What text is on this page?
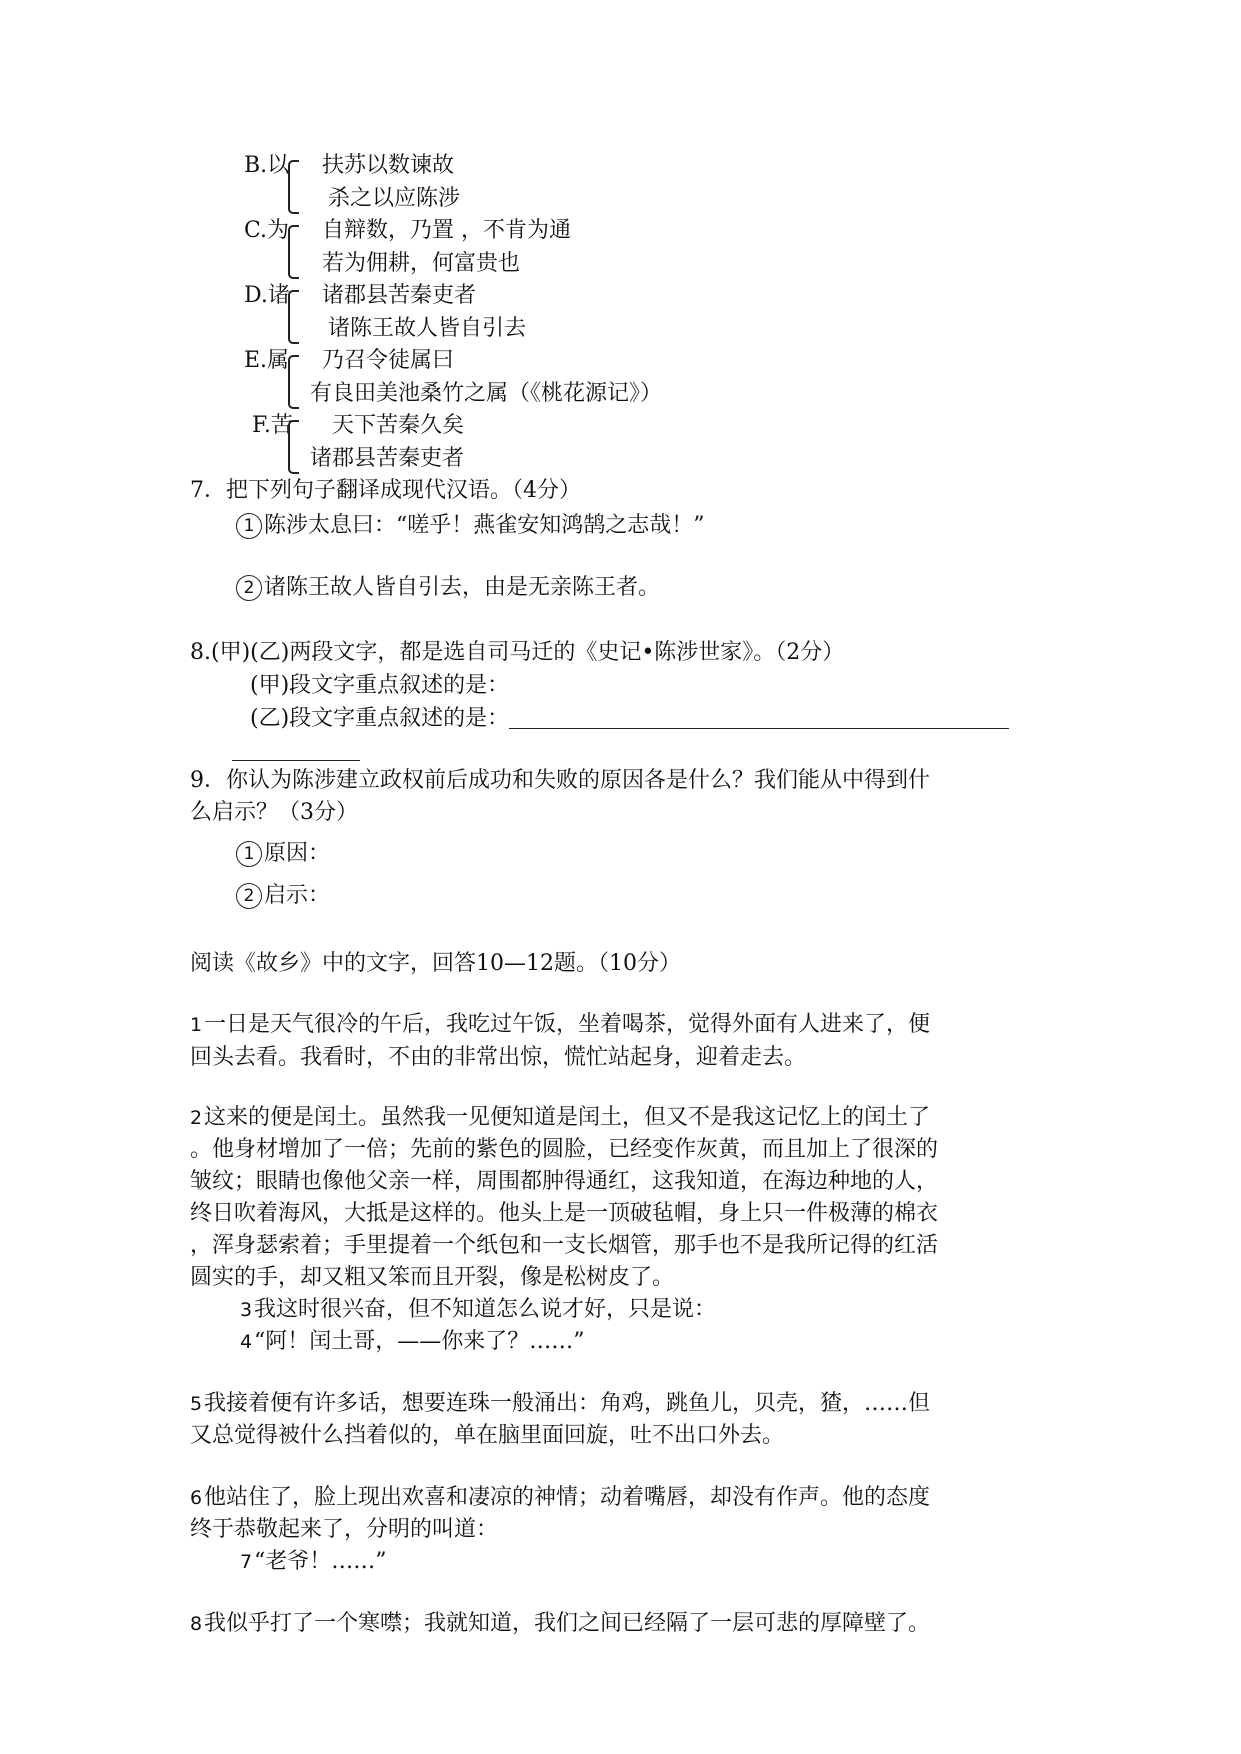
B.以 扶苏以数谏故
杀之以应陈涉
C.为 自辩数，乃置 ，不肯为通
若为佣耕，何富贵也
D.诸 诸郡县苦秦吏者
诸陈王故人皆自引去
E.属 乃召令徒属曰
有良田美池桑竹之属（《桃花源记》）
F.苦 天下苦秦久矣
诸郡县苦秦吏者
7．把下列句子翻译成现代汉语。（4分）
1 陈涉太息曰：“嗟乎！燕雀安知鸿鹄之志哉！”
2 诸陈王故人皆自引去，由是无亲陈王者。
8.(甲)(乙)两段文字，都是选自司马迁的《史记•陈涉世家》。（2分）
(甲)段文字重点叙述的是：
(乙)段文字重点叙述的是：
9．你认为陈涉建立政权前后成功和失败的原因各是什么？我们能从中得到什
么启示？（3分）
1 原因：
2 启示：
阅读《故乡》中的文字，回答10—12题。（10分）
1一日是天气很冷的午后，我吃过午饭，坐着喝茶，觉得外面有人进来了，便
回头去看。我看时，不由的非常出惊，慌忙站起身，迎着走去。
2这来的便是闰土。虽然我一见便知道是闰土，但又不是我这记忆上的闰土了
。他身材增加了一倍；先前的紫色的圆脸，已经变作灰黄，而且加上了很深的
皱纹；眼睛也像他父亲一样，周围都肿得通红，这我知道，在海边种地的人，
终日吹着海风，大抵是这样的。他头上是一顶破毡帽，身上只一件极薄的棉衣
，浑身瑟索着；手里提着一个纸包和一支长烟管，那手也不是我所记得的红活
圆实的手，却又粗又笨而且开裂，像是松树皮了。
3我这时很兴奋，但不知道怎么说才好，只是说：
4“阿！闰土哥，——你来了？……”
5我接着便有许多话，想要连珠一般涌出：角鸡，跳鱼儿，贝壳，猹，……但
又总觉得被什么挡着似的，单在脑里面回旋，吐不出口外去。
6他站住了，脸上现出欢喜和凄凉的神情；动着嘴唇，却没有作声。他的态度
终于恭敬起来了，分明的叫道：
7“老爷！……”
8我似乎打了一个寒噤；我就知道，我们之间已经隔了一层可悲的厚障壁了。
